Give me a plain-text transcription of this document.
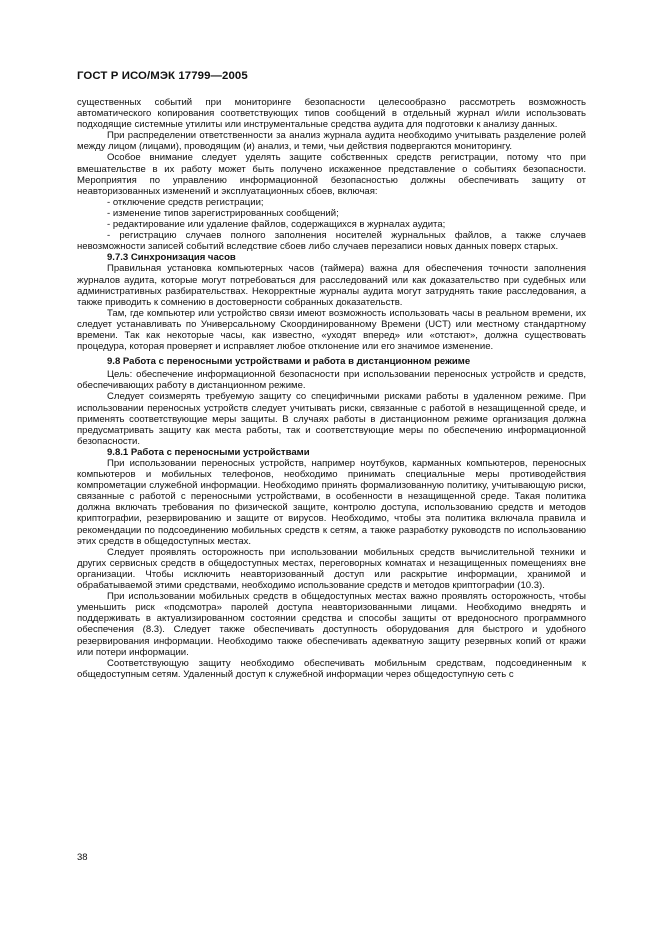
ГОСТ Р ИСО/МЭК 17799—2005

существенных событий при мониторинге безопасности целесообразно рассмотреть возможность автоматического копирования соответствующих типов сообщений в отдельный журнал и/или использовать подходящие системные утилиты или инструментальные средства аудита для подготовки к анализу данных.

При распределении ответственности за анализ журнала аудита необходимо учитывать разделение ролей между лицом (лицами), проводящим (и) анализ, и теми, чьи действия подвергаются мониторингу.

Особое внимание следует уделять защите собственных средств регистрации, потому что при вмешательстве в их работу может быть получено искаженное представление о событиях безопасности. Мероприятия по управлению информационной безопасностью должны обеспечивать защиту от неавторизованных изменений и эксплуатационных сбоев, включая:

- отключение средств регистрации;

- изменение типов зарегистрированных сообщений;

- редактирование или удаление файлов, содержащихся в журналах аудита;

- регистрацию случаев полного заполнения носителей журнальных файлов, а также случаев невозможности записей событий вследствие сбоев либо случаев перезаписи новых данных поверх старых.

9.7.3 Синхронизация часов

Правильная установка компьютерных часов (таймера) важна для обеспечения точности заполнения журналов аудита, которые могут потребоваться для расследований или как доказательство при судебных или административных разбирательствах. Некорректные журналы аудита могут затруднять такие расследования, а также приводить к сомнению в достоверности собранных доказательств.

Там, где компьютер или устройство связи имеют возможность использовать часы в реальном времени, их следует устанавливать по Универсальному Скоординированному Времени (UCT) или местному стандартному времени. Так как некоторые часы, как известно, «уходят вперед» или «отстают», должна существовать процедура, которая проверяет и исправляет любое отклонение или его значимое изменение.

9.8 Работа с переносными устройствами и работа в дистанционном режиме

Цель: обеспечение информационной безопасности при использовании переносных устройств и средств, обеспечивающих работу в дистанционном режиме.

Следует соизмерять требуемую защиту со специфичными рисками работы в удаленном режиме. При использовании переносных устройств следует учитывать риски, связанные с работой в незащищенной среде, и применять соответствующие меры защиты. В случаях работы в дистанционном режиме организация должна предусматривать защиту как места работы, так и соответствующие меры по обеспечению информационной безопасности.

9.8.1 Работа с переносными устройствами

При использовании переносных устройств, например ноутбуков, карманных компьютеров, переносных компьютеров и мобильных телефонов, необходимо принимать специальные меры противодействия компрометации служебной информации. Необходимо принять формализованную политику, учитывающую риски, связанные с работой с переносными устройствами, в особенности в незащищенной среде. Такая политика должна включать требования по физической защите, контролю доступа, использованию средств и методов криптографии, резервированию и защите от вирусов. Необходимо, чтобы эта политика включала правила и рекомендации по подсоединению мобильных средств к сетям, а также разработку руководств по использованию этих средств в общедоступных местах.

Следует проявлять осторожность при использовании мобильных средств вычислительной техники и других сервисных средств в общедоступных местах, переговорных комнатах и незащищенных помещениях вне организации. Чтобы исключить неавторизованный доступ или раскрытие информации, хранимой и обрабатываемой этими средствами, необходимо использование средств и методов криптографии (10.3).

При использовании мобильных средств в общедоступных местах важно проявлять осторожность, чтобы уменьшить риск «подсмотра» паролей доступа неавторизованными лицами. Необходимо внедрять и поддерживать в актуализированном состоянии средства и способы защиты от вредоносного программного обеспечения (8.3). Следует также обеспечивать доступность оборудования для быстрого и удобного резервирования информации. Необходимо также обеспечивать адекватную защиту резервных копий от кражи или потери информации.

Соответствующую защиту необходимо обеспечивать мобильным средствам, подсоединенным к общедоступным сетям. Удаленный доступ к служебной информации через общедоступную сеть с

38
